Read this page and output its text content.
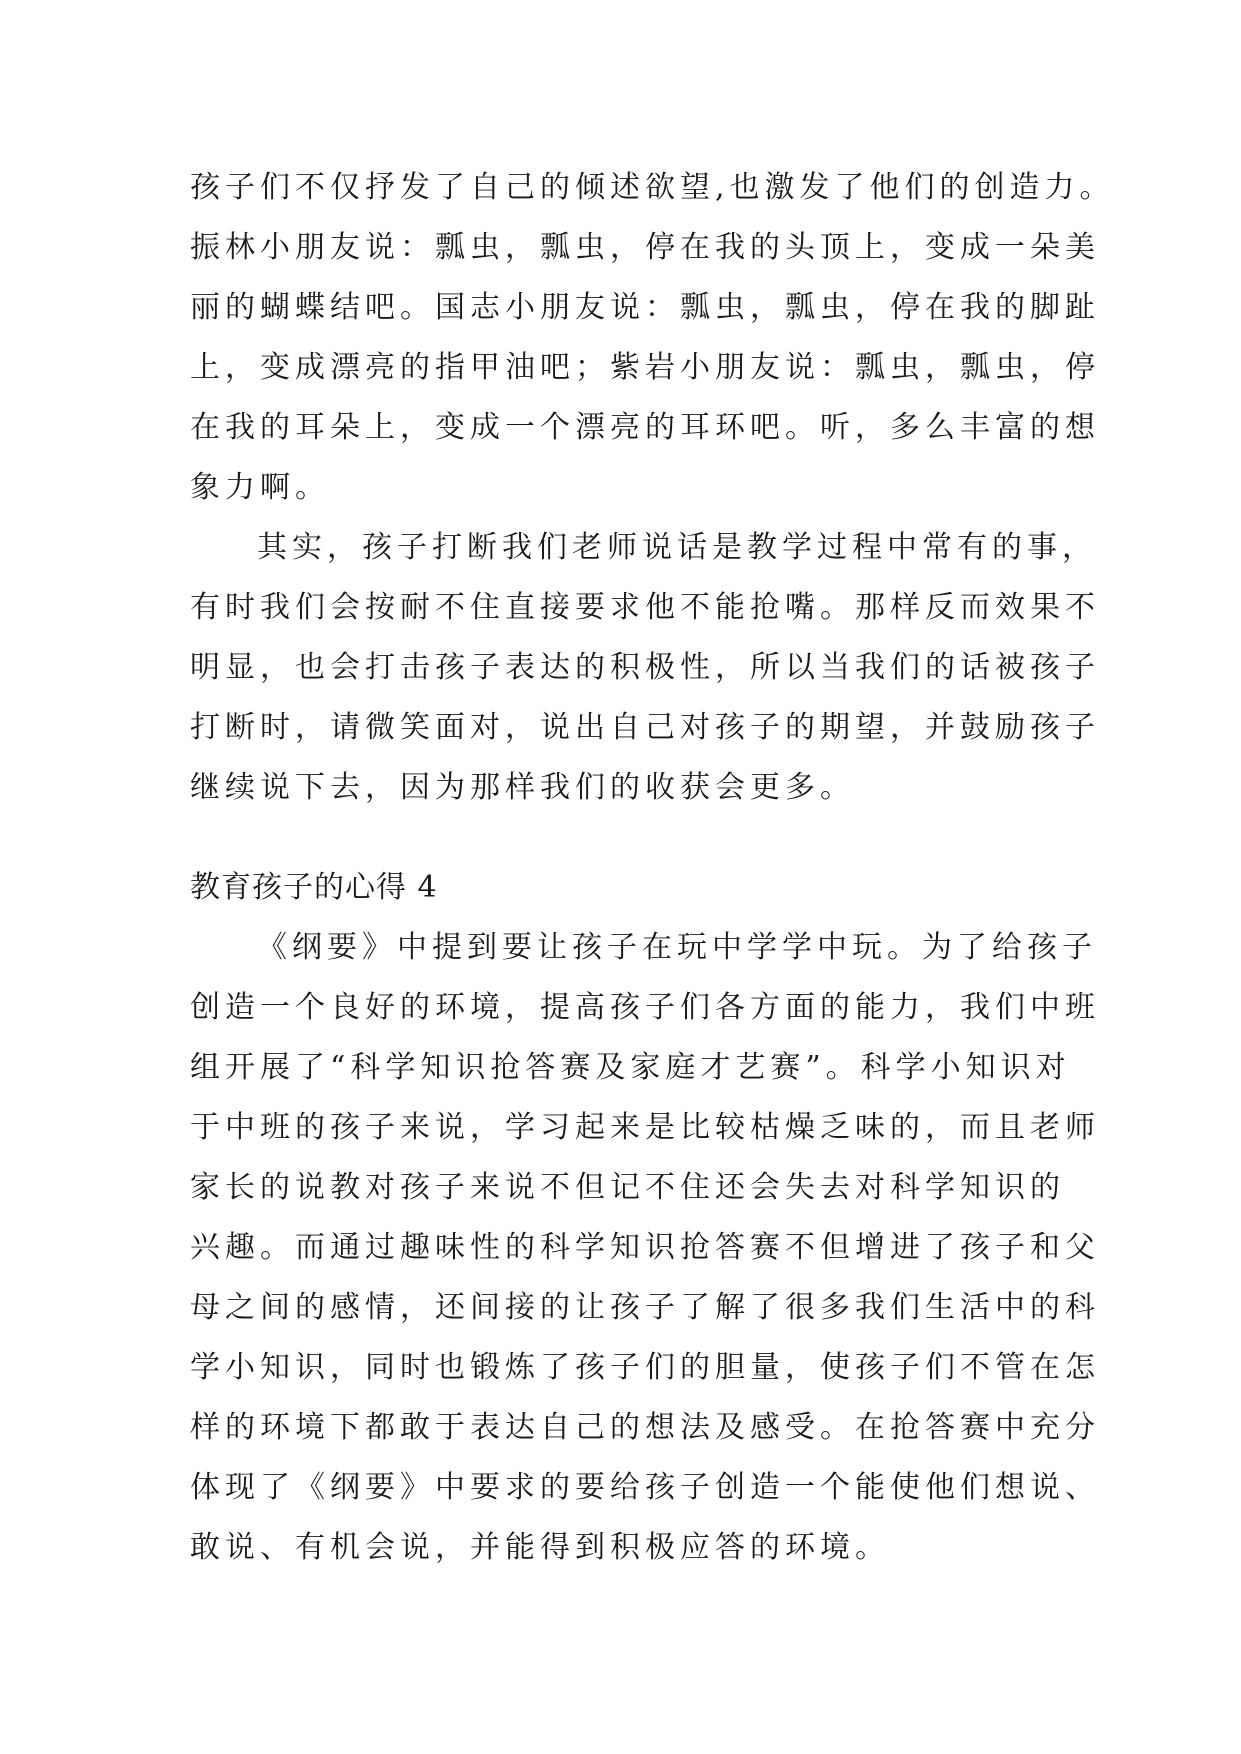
孩子们不仅抒发了自己的倾述欲望,也激发了他们的创造力。
振林小朋友说：瓢虫，瓢虫，停在我的头顶上，变成一朵美
丽的蝴蝶结吧。国志小朋友说：瓢虫，瓢虫，停在我的脚趾
上，变成漂亮的指甲油吧；紫岩小朋友说：瓢虫，瓢虫，停
在我的耳朵上，变成一个漂亮的耳环吧。听，多么丰富的想
象力啊。
其实，孩子打断我们老师说话是教学过程中常有的事，
有时我们会按耐不住直接要求他不能抢嘴。那样反而效果不
明显，也会打击孩子表达的积极性，所以当我们的话被孩子
打断时，请微笑面对，说出自己对孩子的期望，并鼓励孩子
继续说下去，因为那样我们的收获会更多。
教育孩子的心得 4
《纲要》中提到要让孩子在玩中学学中玩。为了给孩子
创造一个良好的环境，提高孩子们各方面的能力，我们中班
组开展了“科学知识抢答赛及家庭才艺赛”。科学小知识对
于中班的孩子来说，学习起来是比较枯燥乏味的，而且老师
家长的说教对孩子来说不但记不住还会失去对科学知识的
兴趣。而通过趣味性的科学知识抢答赛不但增进了孩子和父
母之间的感情，还间接的让孩子了解了很多我们生活中的科
学小知识，同时也锻炼了孩子们的胆量，使孩子们不管在怎
样的环境下都敢于表达自己的想法及感受。在抢答赛中充分
体现了《纲要》中要求的要给孩子创造一个能使他们想说、
敢说、有机会说，并能得到积极应答的环境。
